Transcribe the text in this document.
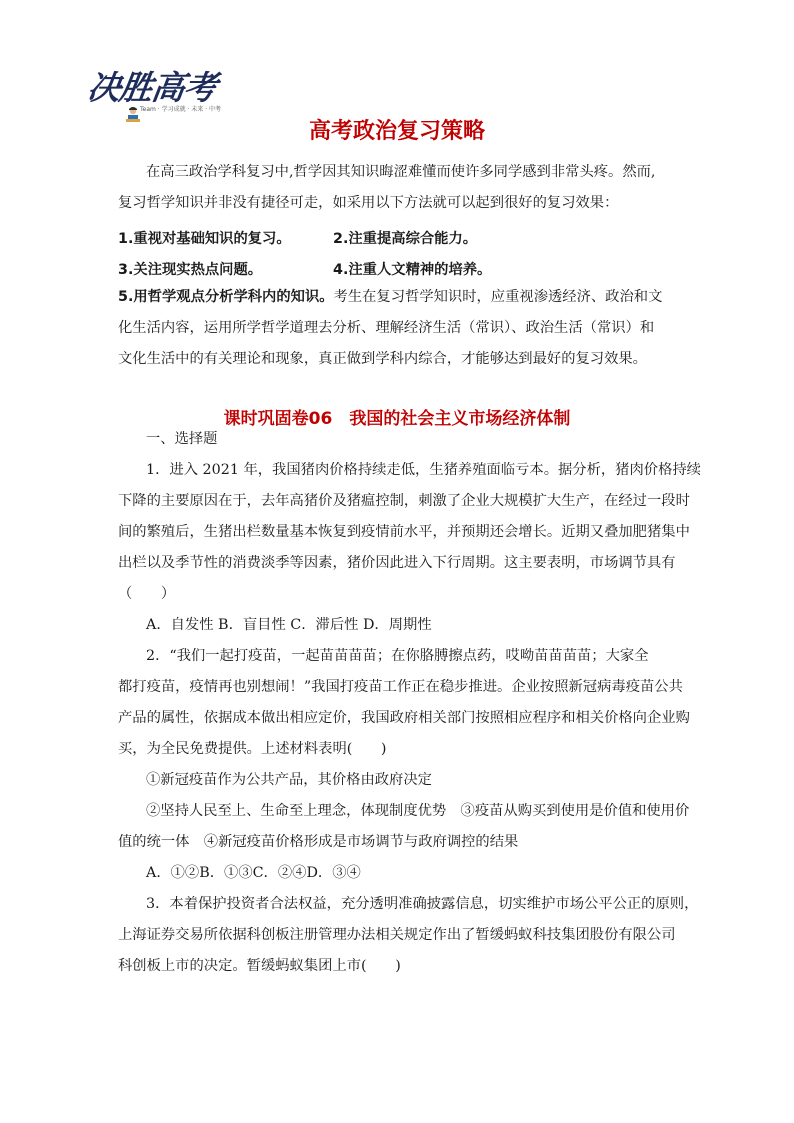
决胜高考
Team · 学习成就 · 未来 · 中考
高考政治复习策略
在高三政治学科复习中,哲学因其知识晦涩难懂而使许多同学感到非常头疼。然而,
复习哲学知识并非没有捷径可走，如采用以下方法就可以起到很好的复习效果：
1.重视对基础知识的复习。	2.注重提高综合能力。
3.关注现实热点问题。	4.注重人文精神的培养。
5.用哲学观点分析学科内的知识。考生在复习哲学知识时，应重视渗透经济、政治和文
化生活内容，运用所学哲学道理去分析、理解经济生活（常识）、政治生活（常识）和
文化生活中的有关理论和现象，真正做到学科内综合，才能够达到最好的复习效果。
课时巩固卷06　我国的社会主义市场经济体制
一、选择题
1．进入 2021 年，我国猪肉价格持续走低，生猪养殖面临亏本。据分析，猪肉价格持续
下降的主要原因在于，去年高猪价及猪瘟控制，刺激了企业大规模扩大生产，在经过一段时
间的繁殖后，生猪出栏数量基本恢复到疫情前水平，并预期还会增长。近期又叠加肥猪集中
出栏以及季节性的消费淡季等因素，猪价因此进入下行周期。这主要表明，市场调节具有
（　　）
A．自发性 B．盲目性 C．滞后性 D．周期性
2．“我们一起打疫苗，一起苗苗苗苗；在你胳膊擦点药，哎呦苗苗苗苗；大家全
都打疫苗，疫情再也别想闹！”我国打疫苗工作正在稳步推进。企业按照新冠病毒疫苗公共
产品的属性，依据成本做出相应定价，我国政府相关部门按照相应程序和相关价格向企业购
买，为全民免费提供。上述材料表明(　　)
①新冠疫苗作为公共产品，其价格由政府决定
②坚持人民至上、生命至上理念，体现制度优势　③疫苗从购买到使用是价值和使用价
值的统一体　④新冠疫苗价格形成是市场调节与政府调控的结果
A．①②B．①③C．②④D．③④
3．本着保护投资者合法权益，充分透明准确披露信息，切实维护市场公平公正的原则，
上海证券交易所依据科创板注册管理办法相关规定作出了暂缓蚂蚁科技集团股份有限公司
科创板上市的决定。暂缓蚂蚁集团上市(　　)
